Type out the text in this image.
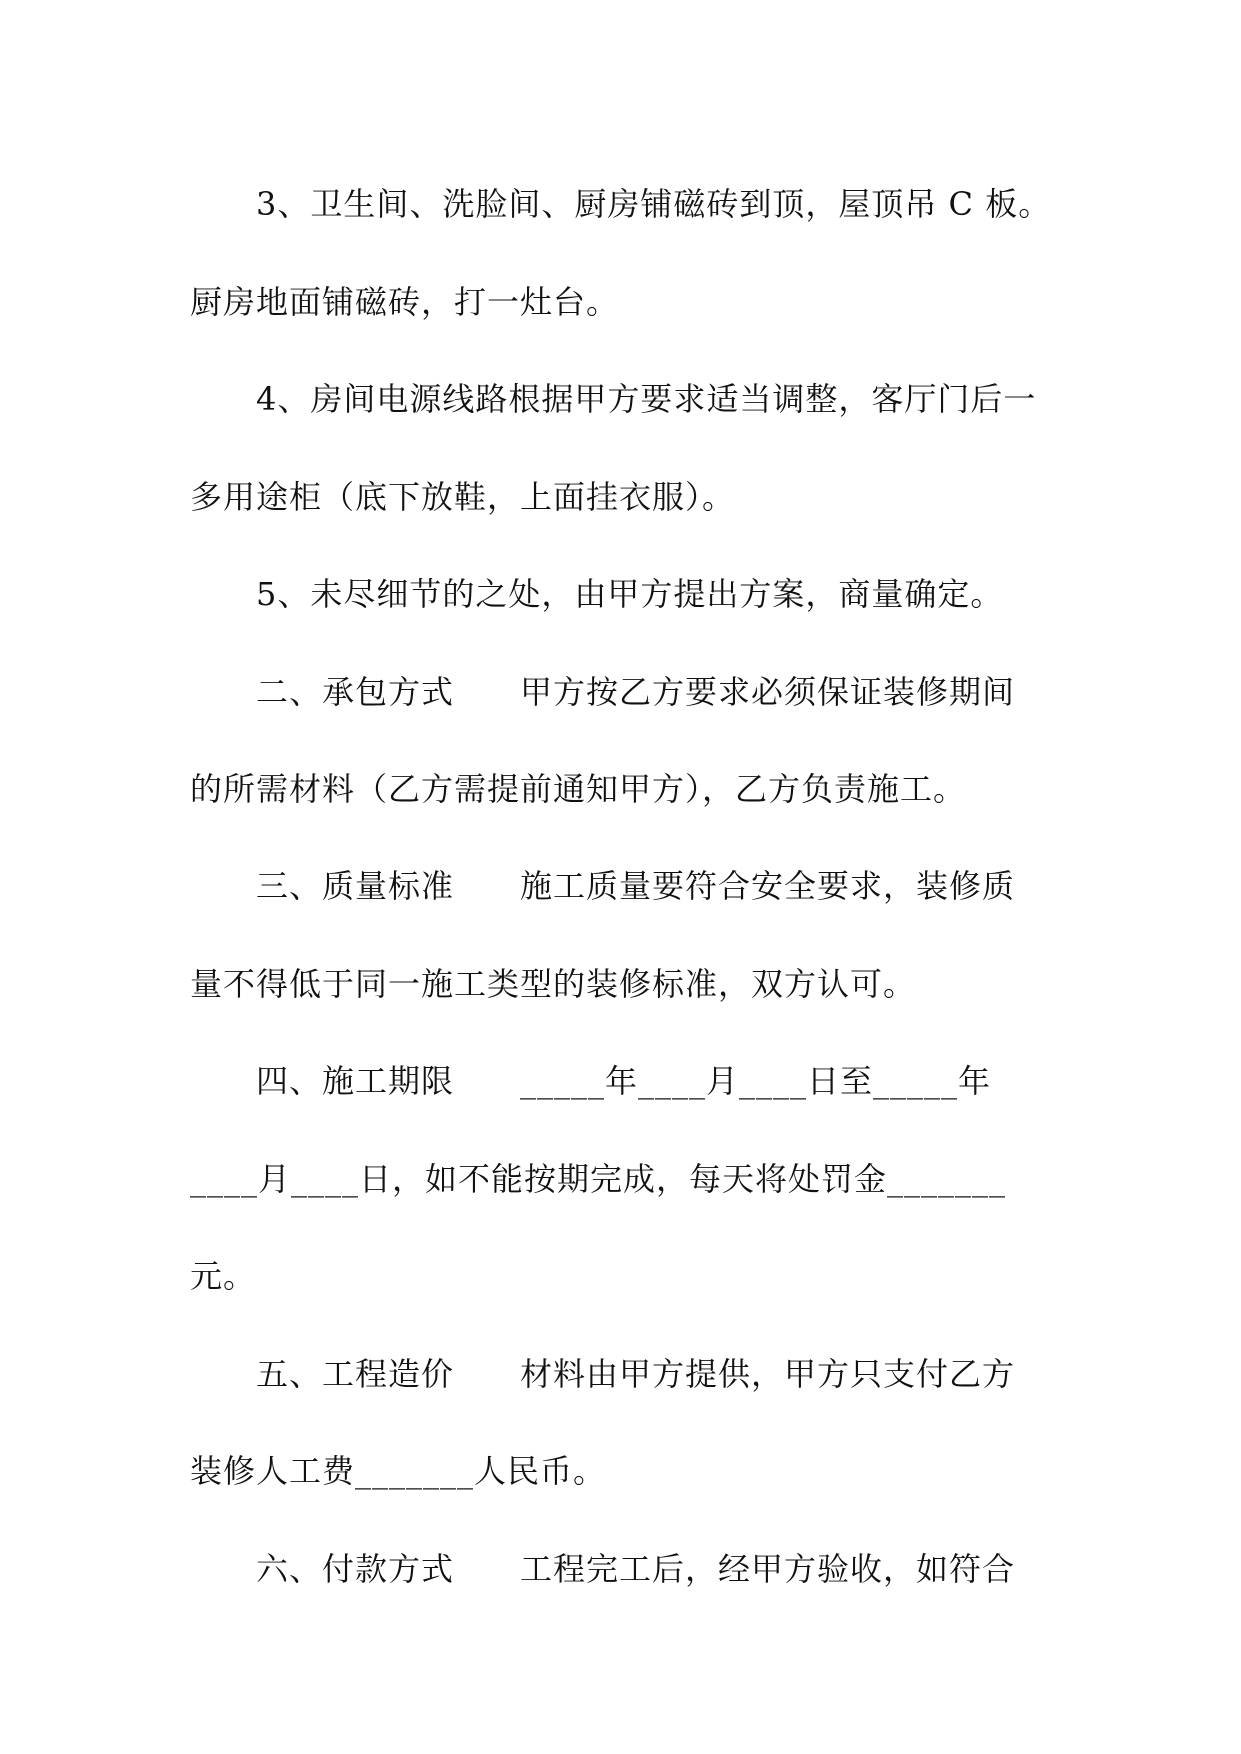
3、卫生间、洗脸间、厨房铺磁砖到顶，屋顶吊 C 板。
厨房地面铺磁砖，打一灶台。
4、房间电源线路根据甲方要求适当调整，客厅门后一
多用途柜（底下放鞋，上面挂衣服）。
5、未尽细节的之处，由甲方提出方案，商量确定。
二、承包方式　　甲方按乙方要求必须保证装修期间
的所需材料（乙方需提前通知甲方），乙方负责施工。
三、质量标准　　施工质量要符合安全要求，装修质
量不得低于同一施工类型的装修标准，双方认可。
四、施工期限　　_____年____月____日至_____年
____月____日，如不能按期完成，每天将处罚金_______
元。
五、工程造价　　材料由甲方提供，甲方只支付乙方
装修人工费_______人民币。
六、付款方式　　工程完工后，经甲方验收，如符合
